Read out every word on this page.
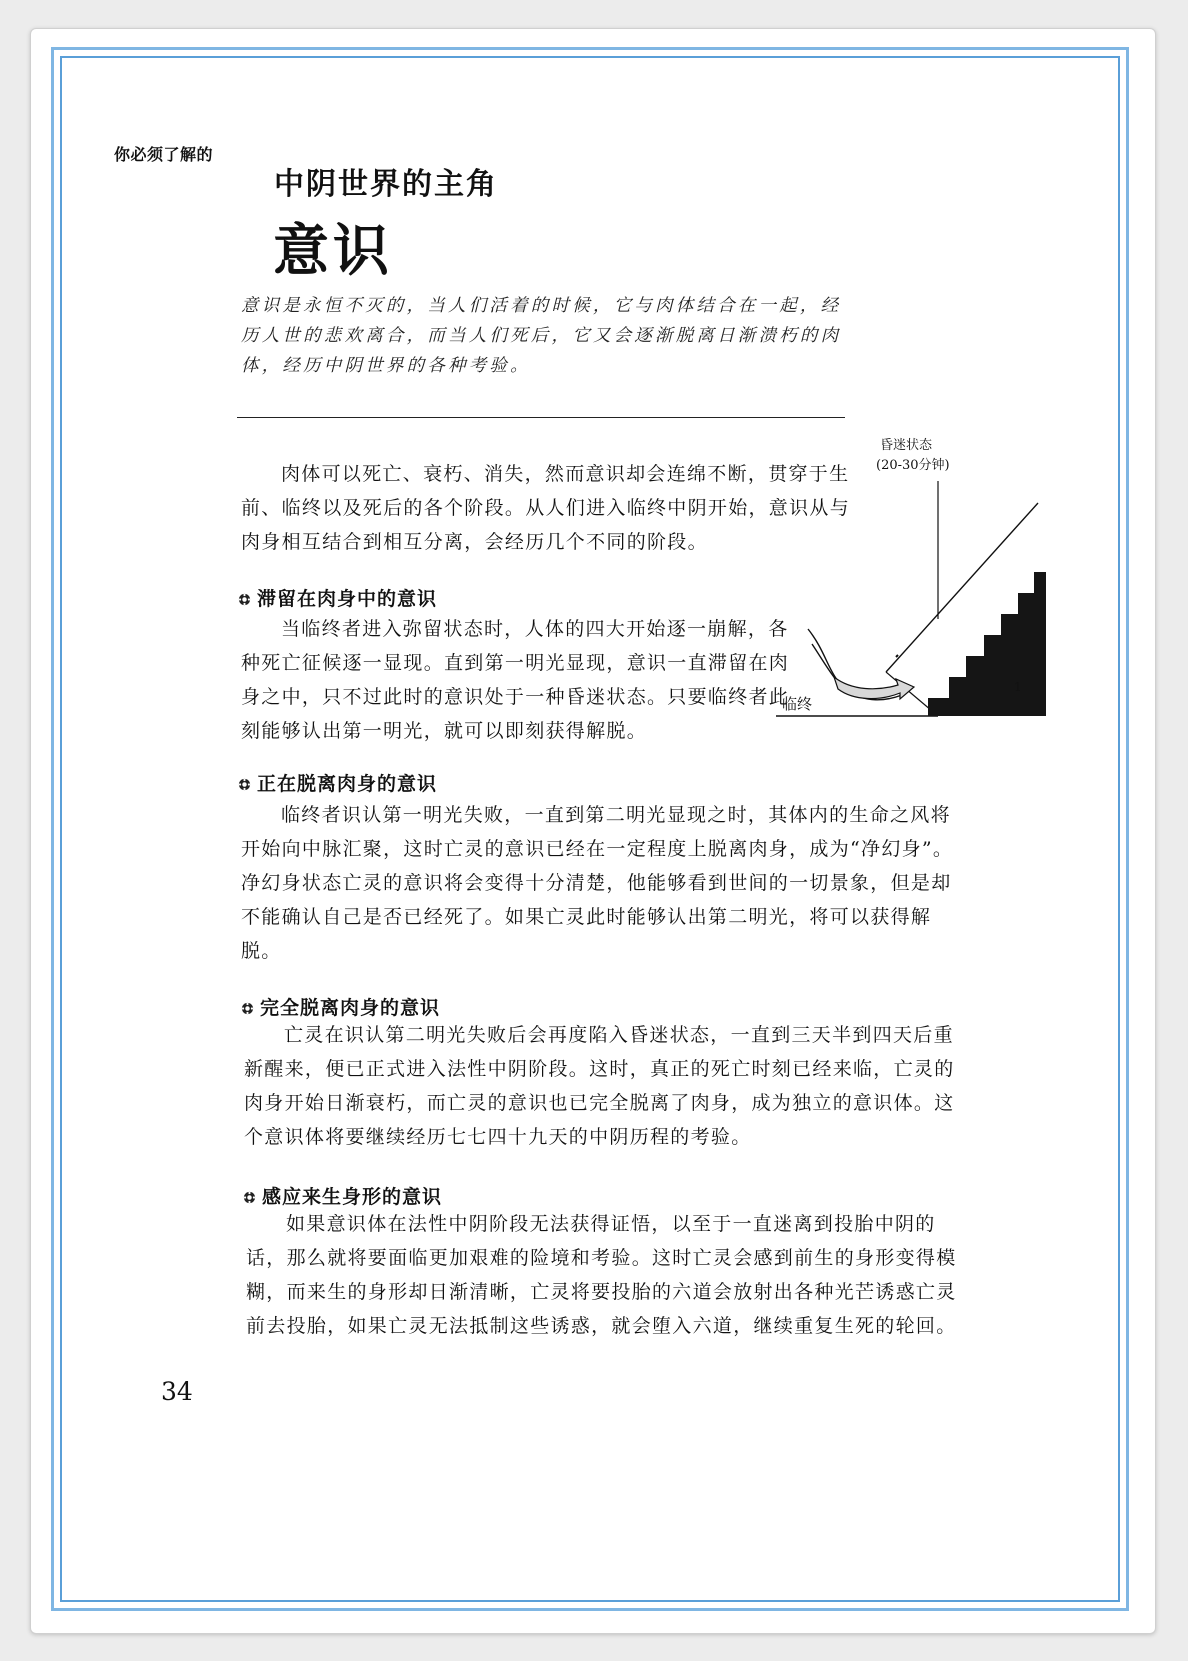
你必须了解的
中阴世界的主角
意识
意识是永恒不灭的，当人们活着的时候，它与肉体结合在一起，经历人世的悲欢离合，而当人们死后，它又会逐渐脱离日渐溃朽的肉体，经历中阴世界的各种考验。

肉体可以死亡、衰朽、消失，然而意识却会连绵不断，贯穿于生前、临终以及死后的各个阶段。从人们进入临终中阴开始，意识从与肉身相互结合到相互分离，会经历几个不同的阶段。

滞留在肉身中的意识

当临终者进入弥留状态时，人体的四大开始逐一崩解，各种死亡征候逐一显现。直到第一明光显现，意识一直滞留在肉身之中，只不过此时的意识处于一种昏迷状态。只要临终者此刻能够认出第一明光，就可以即刻获得解脱。

正在脱离肉身的意识

临终者识认第一明光失败，一直到第二明光显现之时，其体内的生命之风将开始向中脉汇聚，这时亡灵的意识已经在一定程度上脱离肉身，成为“净幻身”。净幻身状态亡灵的意识将会变得十分清楚，他能够看到世间的一切景象，但是却不能确认自己是否已经死了。如果亡灵此时能够认出第二明光，将可以获得解脱。

完全脱离肉身的意识

亡灵在识认第二明光失败后会再度陷入昏迷状态，一直到三天半到四天后重新醒来，便已正式进入法性中阴阶段。这时，真正的死亡时刻已经来临，亡灵的肉身开始日渐衰朽，而亡灵的意识也已完全脱离了肉身，成为独立的意识体。这个意识体将要继续经历七七四十九天的中阴历程的考验。

感应来生身形的意识

如果意识体在法性中阴阶段无法获得证悟，以至于一直迷离到投胎中阴的话，那么就将要面临更加艰难的险境和考验。这时亡灵会感到前生的身形变得模糊，而来生的身形却日渐清晰，亡灵将要投胎的六道会放射出各种光芒诱惑亡灵前去投胎，如果亡灵无法抵制这些诱惑，就会堕入六道，继续重复生死的轮回。

昏迷状态
(20-30分钟)
1
临终
34
